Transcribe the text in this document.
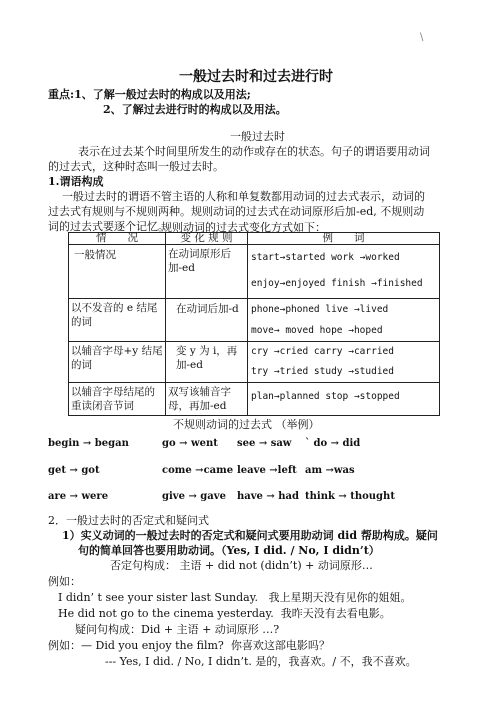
\
一般过去时和过去进行时
重点:1、了解一般过去时的构成以及用法;
2、了解过去进行时的构成以及用法。
一般过去时
表示在过去某个时间里所发生的动作或存在的状态。句子的谓语要用动词
的过去式，这种时态叫一般过去时。
1.谓语构成
一般过去时的谓语不管主语的人称和单复数都用动词的过去式表示，动词的
过去式有规则与不规则两种。规则动词的过去式在动词原形后加-ed, 不规则动
词的过去式要逐个记忆。
规则动词的过去式变化方式如下：
情　　况	变 化 规 则	例　　词
一般情况	在动词原形后加-ed	start→started work →worked
enjoy→enjoyed finish →finished

以不发音的 e 结尾的词	在动词后加-d	phone→phoned live →lived
move→ moved hope →hoped

以辅音字母+y 结尾的词	变 y 为 i，再加-ed	cry →cried carry →carried
try →tried study →studied

以辅音字母结尾的重读闭音节词	双写该辅音字母，再加-ed	plan→planned stop →stopped
不规则动词的过去式 （举例）
begin → began	go → went see → saw ` do → did
get → got	come →came leave →left am →was
are → were	give → gave have → had think → thought
2．一般过去时的否定式和疑问式
1）实义动词的一般过去时的否定式和疑问式要用助动词 did 帮助构成。疑问
句的简单回答也要用助动词。（Yes, I did. / No, I didn’t）
否定句构成： 主语 + did not (didn’t) + 动词原形…
例如：
I didn’ t see your sister last Sunday. 我上星期天没有见你的姐姐。
He did not go to the cinema yesterday. 我昨天没有去看电影。
疑问句构成：Did + 主语 + 动词原形 …?
例如：— Did you enjoy the film? 你喜欢这部电影吗？
--- Yes, I did. / No, I didn’t. 是的，我喜欢。/ 不，我不喜欢。
